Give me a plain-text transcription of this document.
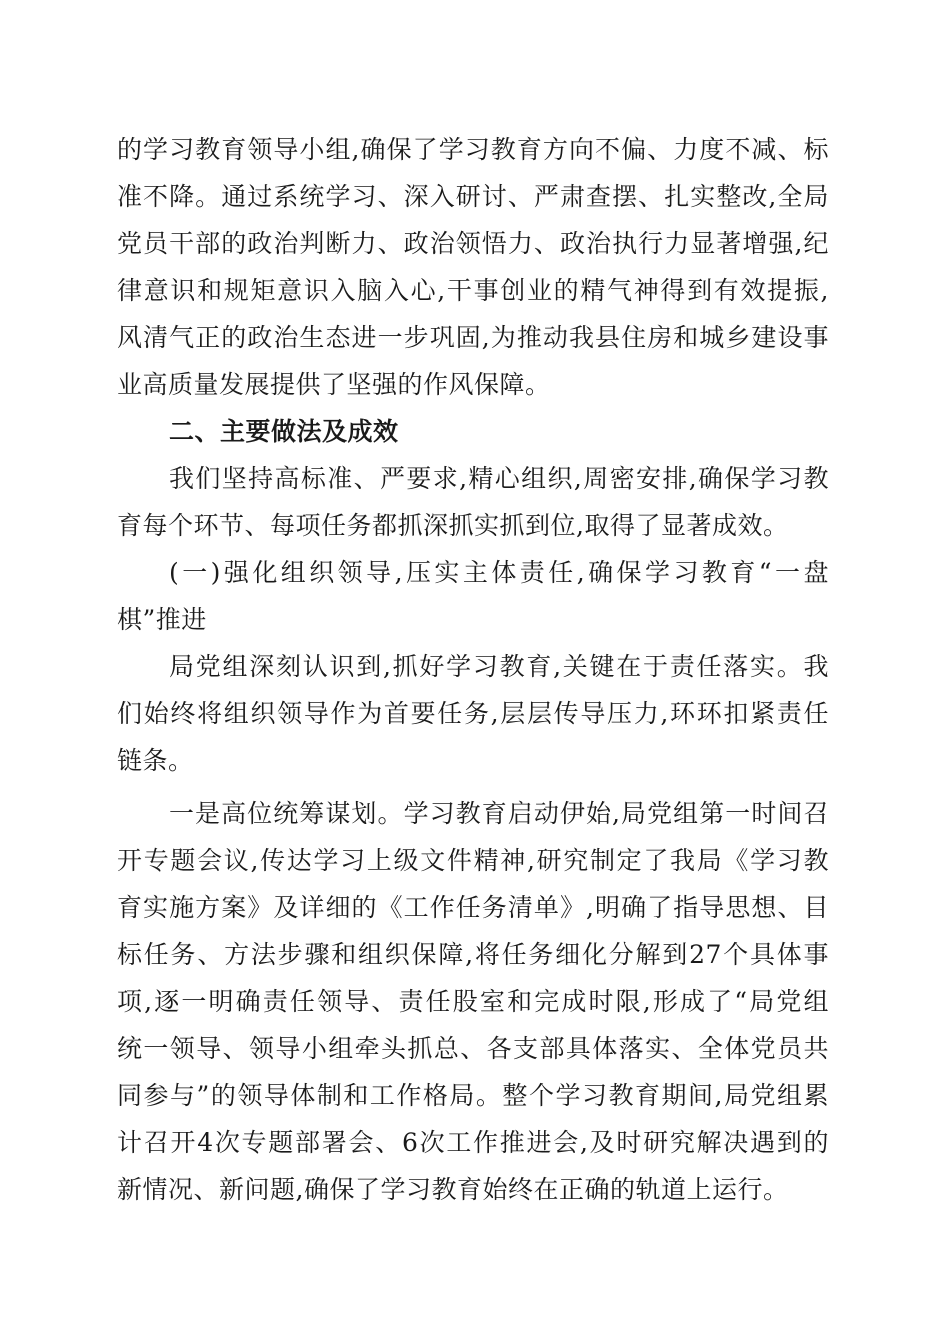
的学习教育领导小组,确保了学习教育方向不偏、力度不减、标
准不降。通过系统学习、深入研讨、严肃查摆、扎实整改,全局
党员干部的政治判断力、政治领悟力、政治执行力显著增强,纪
律意识和规矩意识入脑入心,干事创业的精气神得到有效提振,
风清气正的政治生态进一步巩固,为推动我县住房和城乡建设事
业高质量发展提供了坚强的作风保障。
二、主要做法及成效
我们坚持高标准、严要求,精心组织,周密安排,确保学习教
育每个环节、每项任务都抓深抓实抓到位,取得了显著成效。
(一)强化组织领导,压实主体责任,确保学习教育“一盘
棋”推进
局党组深刻认识到,抓好学习教育,关键在于责任落实。我
们始终将组织领导作为首要任务,层层传导压力,环环扣紧责任
链条。
一是高位统筹谋划。学习教育启动伊始,局党组第一时间召
开专题会议,传达学习上级文件精神,研究制定了我局《学习教
育实施方案》及详细的《工作任务清单》,明确了指导思想、目
标任务、方法步骤和组织保障,将任务细化分解到27个具体事
项,逐一明确责任领导、责任股室和完成时限,形成了“局党组
统一领导、领导小组牵头抓总、各支部具体落实、全体党员共
同参与”的领导体制和工作格局。整个学习教育期间,局党组累
计召开4次专题部署会、6次工作推进会,及时研究解决遇到的
新情况、新问题,确保了学习教育始终在正确的轨道上运行。
